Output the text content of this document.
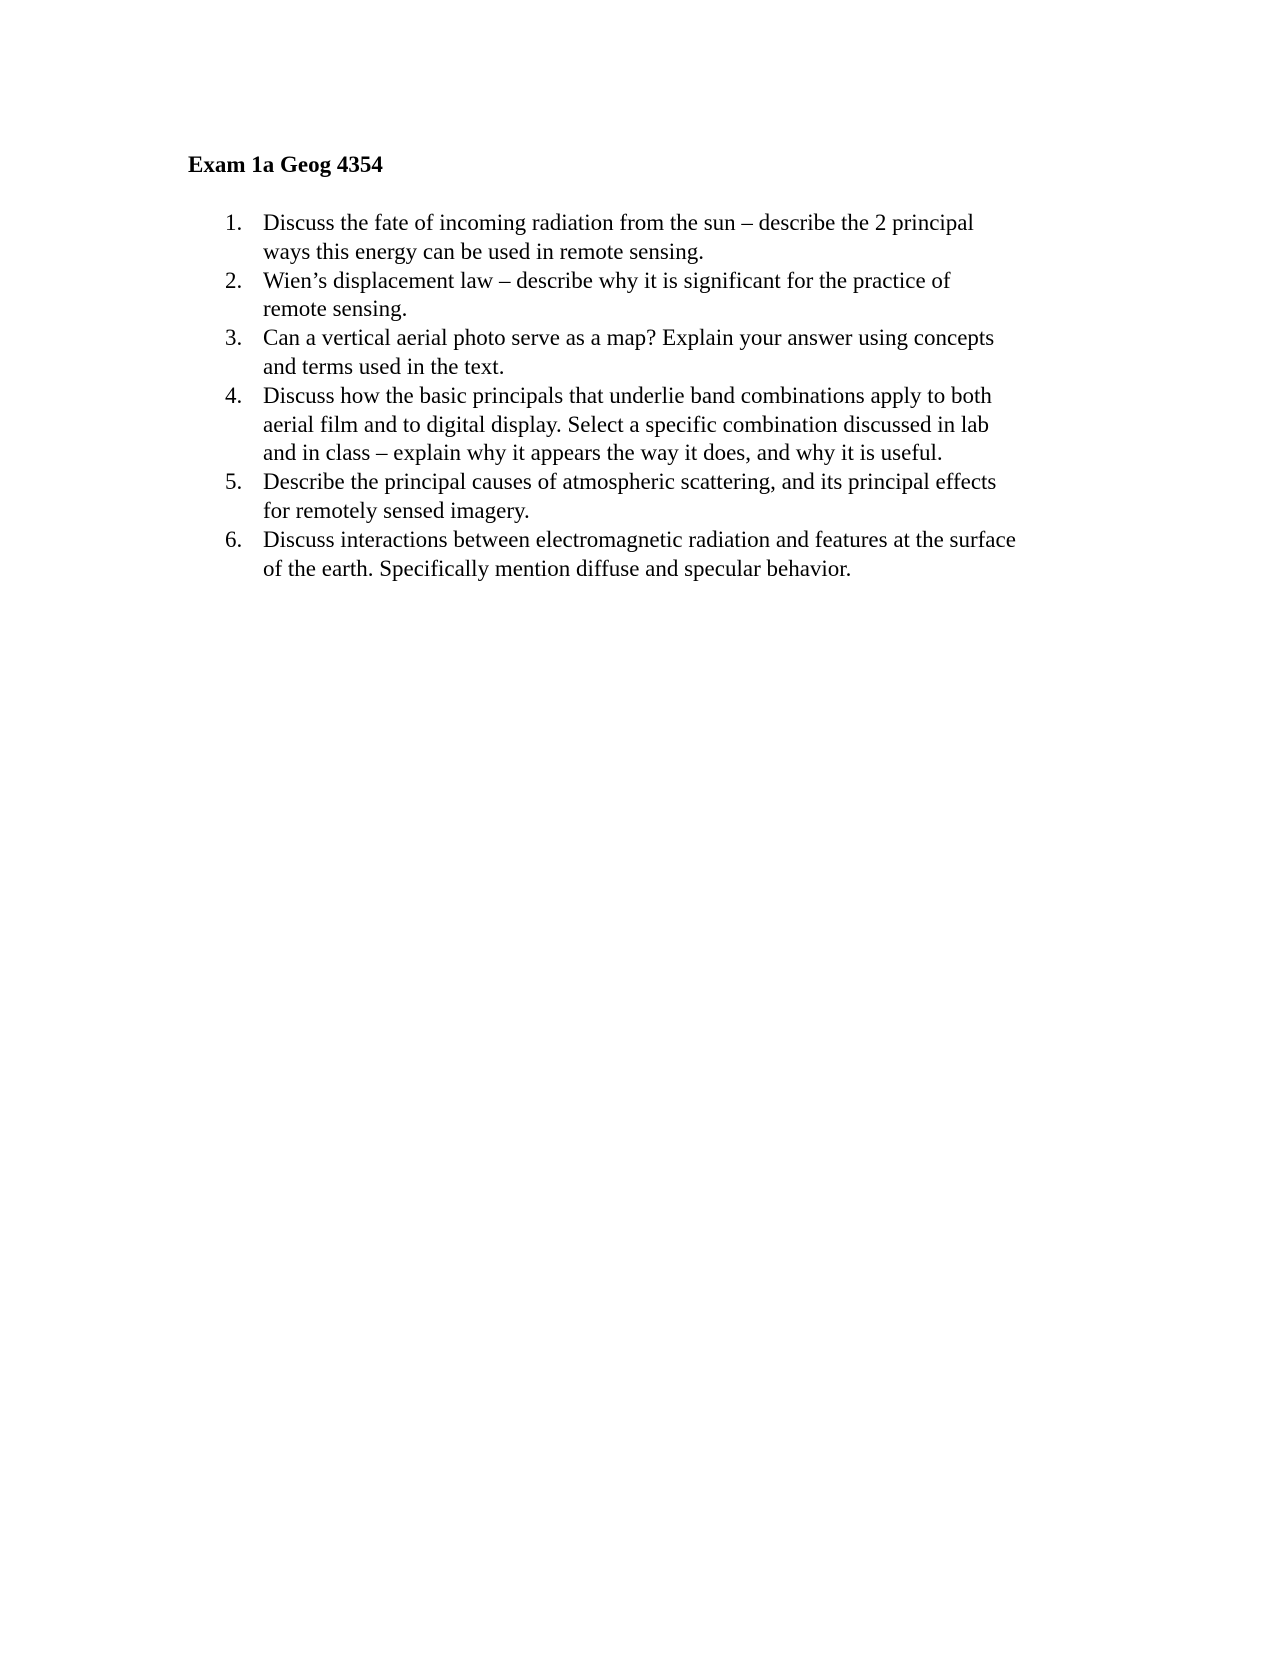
Exam 1a Geog 4354
1. Discuss the fate of incoming radiation from the sun – describe the 2 principal
ways this energy can be used in remote sensing.
2. Wien’s displacement law – describe why it is significant for the practice of
remote sensing.
3. Can a vertical aerial photo serve as a map? Explain your answer using concepts
and terms used in the text.
4. Discuss how the basic principals that underlie band combinations apply to both
aerial film and to digital display. Select a specific combination discussed in lab
and in class – explain why it appears the way it does, and why it is useful.
5. Describe the principal causes of atmospheric scattering, and its principal effects
for remotely sensed imagery.
6. Discuss interactions between electromagnetic radiation and features at the surface
of the earth. Specifically mention diffuse and specular behavior.
